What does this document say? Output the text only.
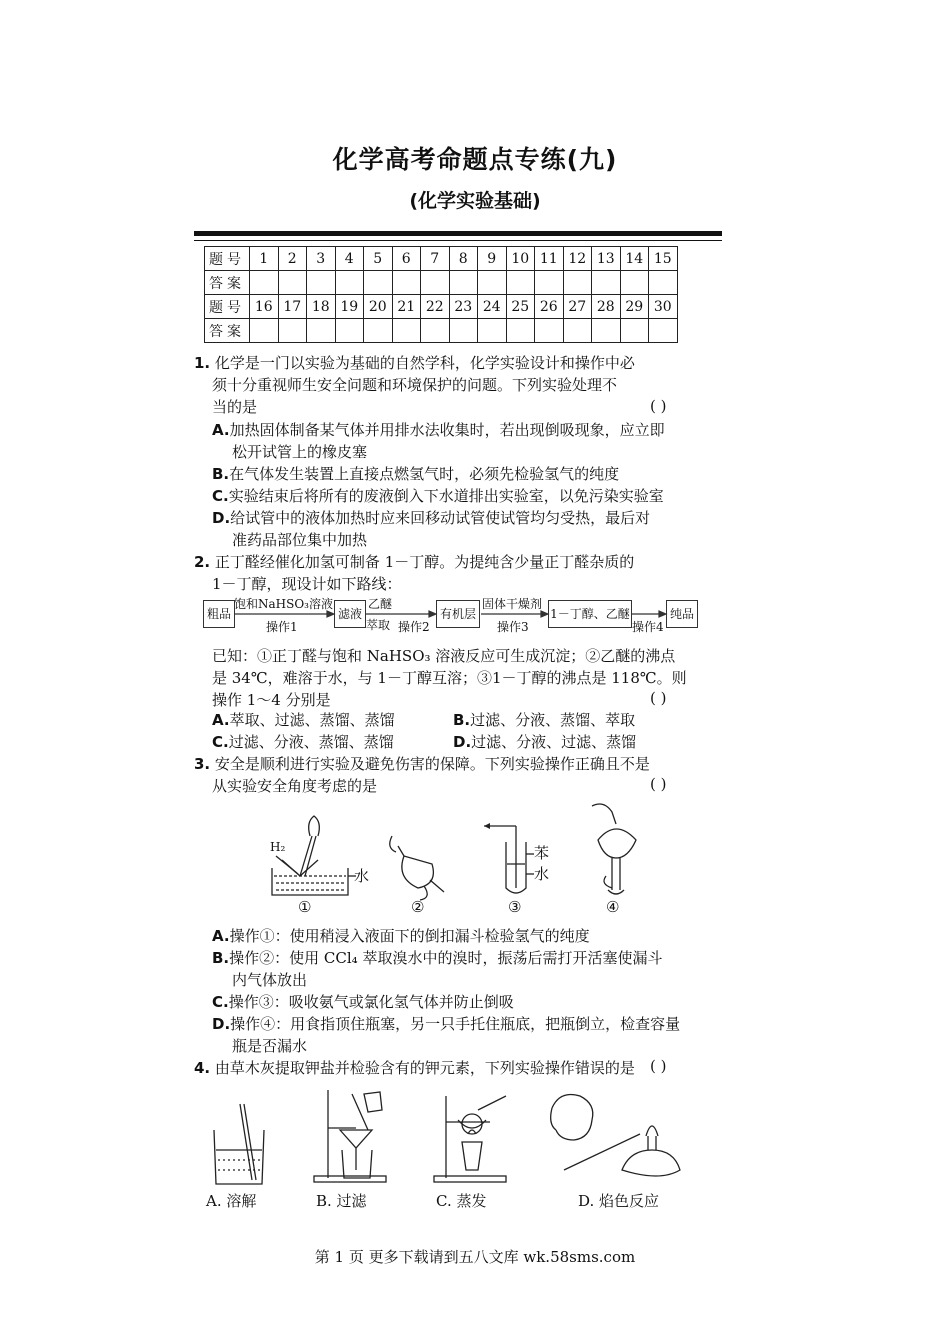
化学高考命题点专练(九)
(化学实验基础)
题号	1	2	3	4	5	6	7	8	9	10	11	12	13	14	15
答案															
题号	16	17	18	19	20	21	22	23	24	25	26	27	28	29	30
答案															
1. 化学是一门以实验为基础的自然学科，化学实验设计和操作中必
须十分重视师生安全问题和环境保护的问题。下列实验处理不
当的是	( )
A.加热固体制备某气体并用排水法收集时，若出现倒吸现象，应立即
松开试管上的橡皮塞
B.在气体发生装置上直接点燃氢气时，必须先检验氢气的纯度
C.实验结束后将所有的废液倒入下水道排出实验室，以免污染实验室
D.给试管中的液体加热时应来回移动试管使试管均匀受热，最后对
准药品部位集中加热
2. 正丁醛经催化加氢可制备 1－丁醇。为提纯含少量正丁醛杂质的
1－丁醇，现设计如下路线：
粗品
饱和NaHSO₃溶液
操作1
滤液
乙醚
萃取 操作2
有机层
固体干燥剂
操作3
1－丁醇、乙醚
操作4
纯品
已知：①正丁醛与饱和 NaHSO₃ 溶液反应可生成沉淀；②乙醚的沸点
是 34℃，难溶于水，与 1－丁醇互溶；③1－丁醇的沸点是 118℃。则
操作 1～4 分别是	( )
A.萃取、过滤、蒸馏、蒸馏	B.过滤、分液、蒸馏、萃取
C.过滤、分液、蒸馏、蒸馏	D.过滤、分液、过滤、蒸馏
3. 安全是顺利进行实验及避免伤害的保障。下列实验操作正确且不是
从实验安全角度考虑的是	( )
H₂
水
苯
水
①	②	③	④
A.操作①：使用稍浸入液面下的倒扣漏斗检验氢气的纯度
B.操作②：使用 CCl₄ 萃取溴水中的溴时，振荡后需打开活塞使漏斗
内气体放出
C.操作③：吸收氨气或氯化氢气体并防止倒吸
D.操作④：用食指顶住瓶塞，另一只手托住瓶底，把瓶倒立，检查容量
瓶是否漏水
4. 由草木灰提取钾盐并检验含有的钾元素，下列实验操作错误的是	( )
A. 溶解	B. 过滤	C. 蒸发	D. 焰色反应
第 1 页 更多下载请到五八文库 wk.58sms.com
